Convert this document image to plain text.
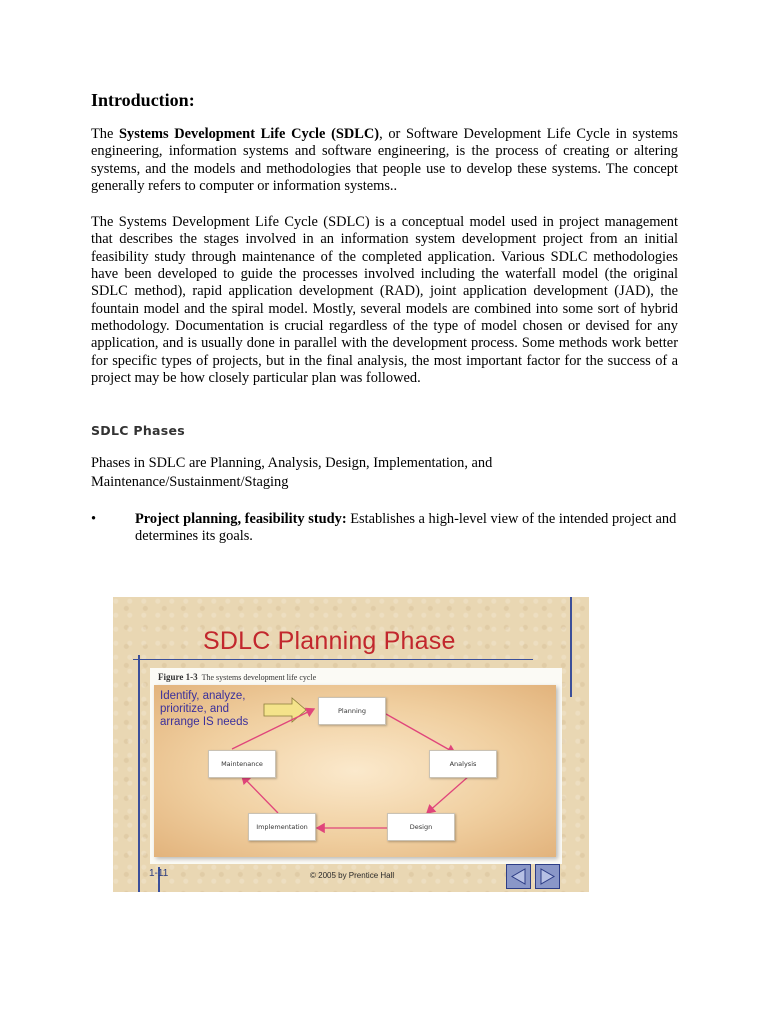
Introduction:

The Systems Development Life Cycle (SDLC), or Software Development Life Cycle in systems engineering, information systems and software engineering, is the process of creating or altering systems, and the models and methodologies that people use to develop these systems. The concept generally refers to computer or information systems..

The Systems Development Life Cycle (SDLC) is a conceptual model used in project management that describes the stages involved in an information system development project from an initial feasibility study through maintenance of the completed application. Various SDLC methodologies have been developed to guide the processes involved including the waterfall model (the original SDLC method), rapid application development (RAD), joint application development (JAD), the fountain model and the spiral model. Mostly, several models are combined into some sort of hybrid methodology. Documentation is crucial regardless of the type of model chosen or devised for any application, and is usually done in parallel with the development process. Some methods work better for specific types of projects, but in the final analysis, the most important factor for the success of a project may be how closely particular plan was followed.

SDLC Phases

Phases in SDLC are Planning, Analysis, Design, Implementation, and
Maintenance/Sustainment/Staging

•	Project planning, feasibility study: Establishes a high-level view of the intended project and determines its goals.
SDLC Planning Phase
Figure 1-3 The systems development life cycle
Identify, analyze,
prioritize, and
arrange IS needs
Planning
Analysis
Design
Implementation
Maintenance
1-11	© 2005 by Prentice Hall
